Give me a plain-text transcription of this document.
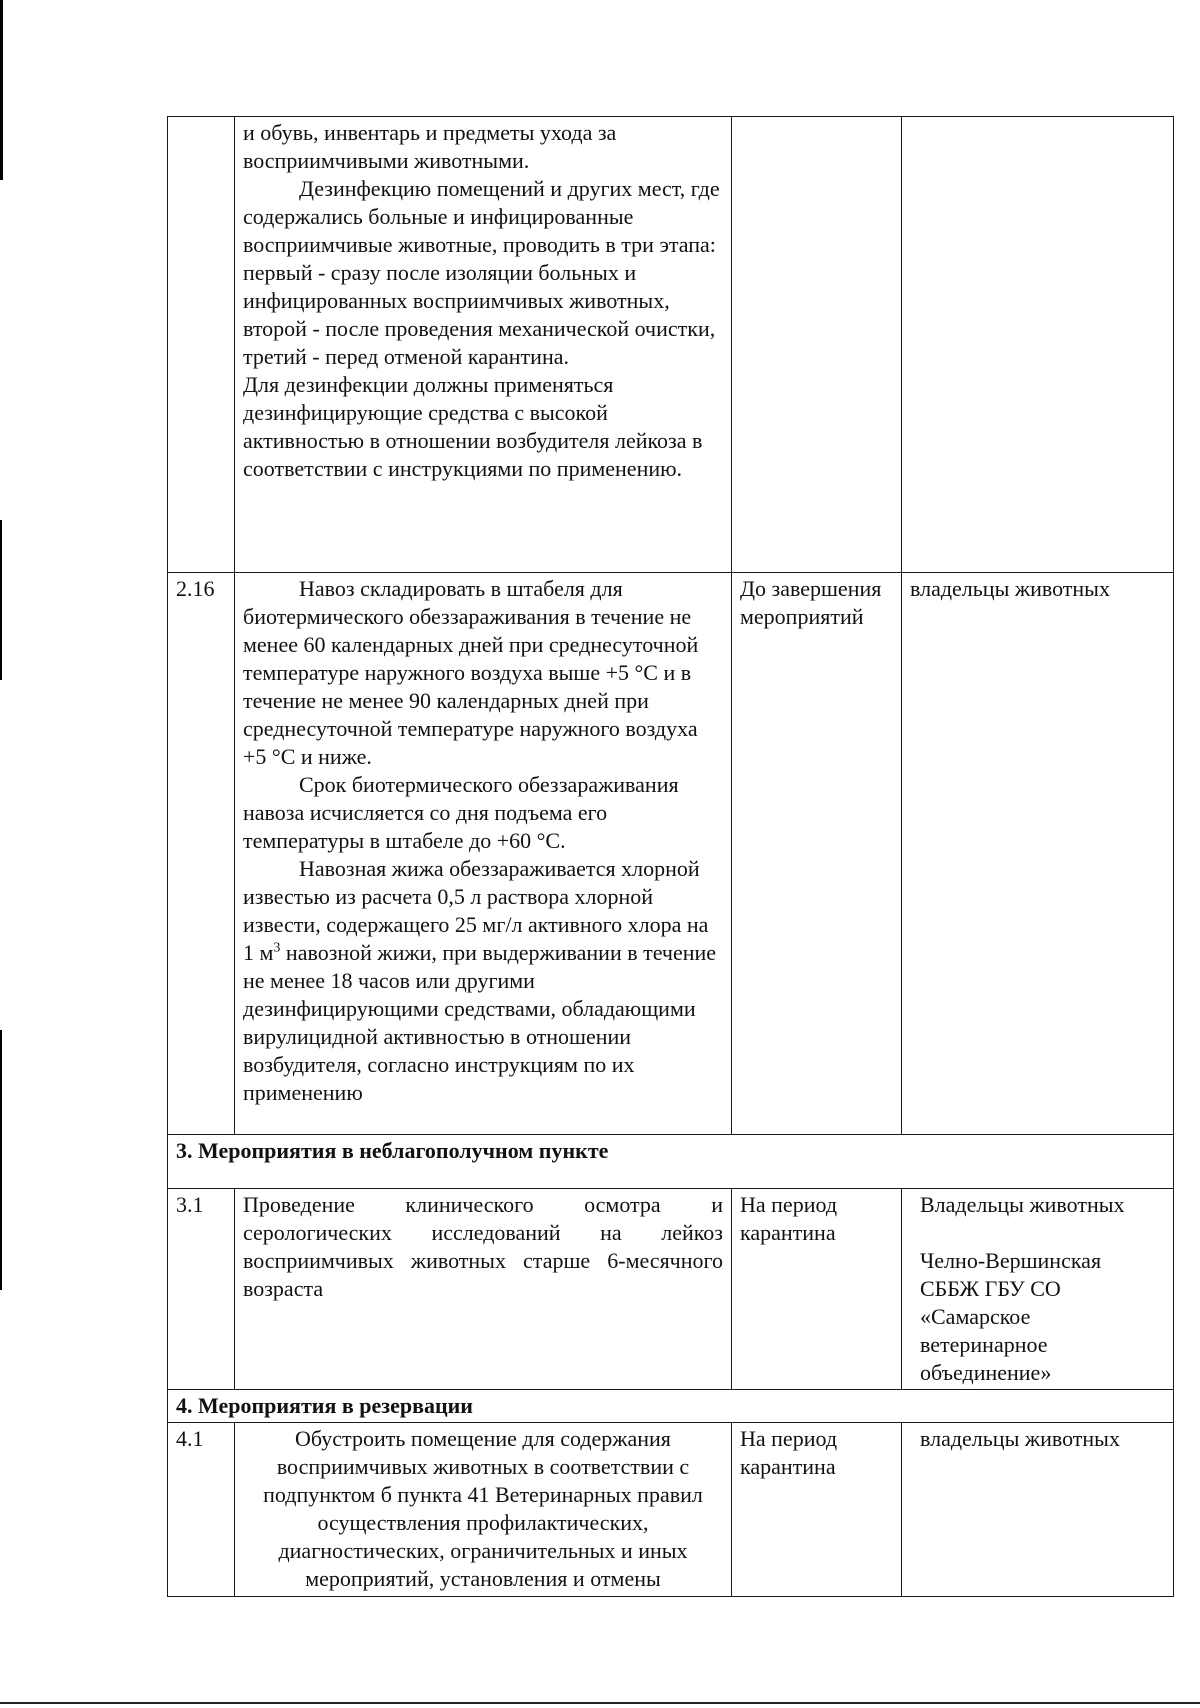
	и обувь, инвентарь и предметы ухода за восприимчивыми животными.

Дезинфекцию помещений и других мест, где содержались больные и инфицированные восприимчивые животные, проводить в три этапа: первый - сразу после изоляции больных и инфицированных восприимчивых животных, второй - после проведения механической очистки, третий - перед отменой карантина.

Для дезинфекции должны применяться дезинфицирующие средства с высокой активностью в отношении возбудителя лейкоза в соответствии с инструкциями по применению.		

2.16	Навоз складировать в штабеля для биотермического обеззараживания в течение не менее 60 календарных дней при среднесуточной температуре наружного воздуха выше +5 °C и в течение не менее 90 календарных дней при среднесуточной температуре наружного воздуха +5 °C и ниже.

Срок биотермического обеззараживания навоза исчисляется со дня подъема его температуры в штабеле до +60 °C.

Навозная жижа обеззараживается хлорной известью из расчета 0,5 л раствора хлорной извести, содержащего 25 мг/л активного хлора на 1 $м^3$ навозной жижи, при выдерживании в течение не менее 18 часов или другими дезинфицирующими средствами, обладающими вирулицидной активностью в отношении возбудителя, согласно инструкциям по их применению	До завершения мероприятий	владельцы животных
3. Мероприятия в неблагополучном пункте			
3.1	Проведение клинического осмотра и серологических исследований на лейкоз восприимчивых животных старше 6-месячного возраста	На период карантина	Владельцы животных

Челно-Вершинская СББЖ ГБУ СО «Самарское ветеринарное объединение»

4. Мероприятия в резервации			
4.1	Обустроить помещение для содержания восприимчивых животных в соответствии с подпунктом б пункта 41 Ветеринарных правил осуществления профилактических, диагностических, ограничительных и иных мероприятий, установления и отмены	На период карантина	владельцы животных
